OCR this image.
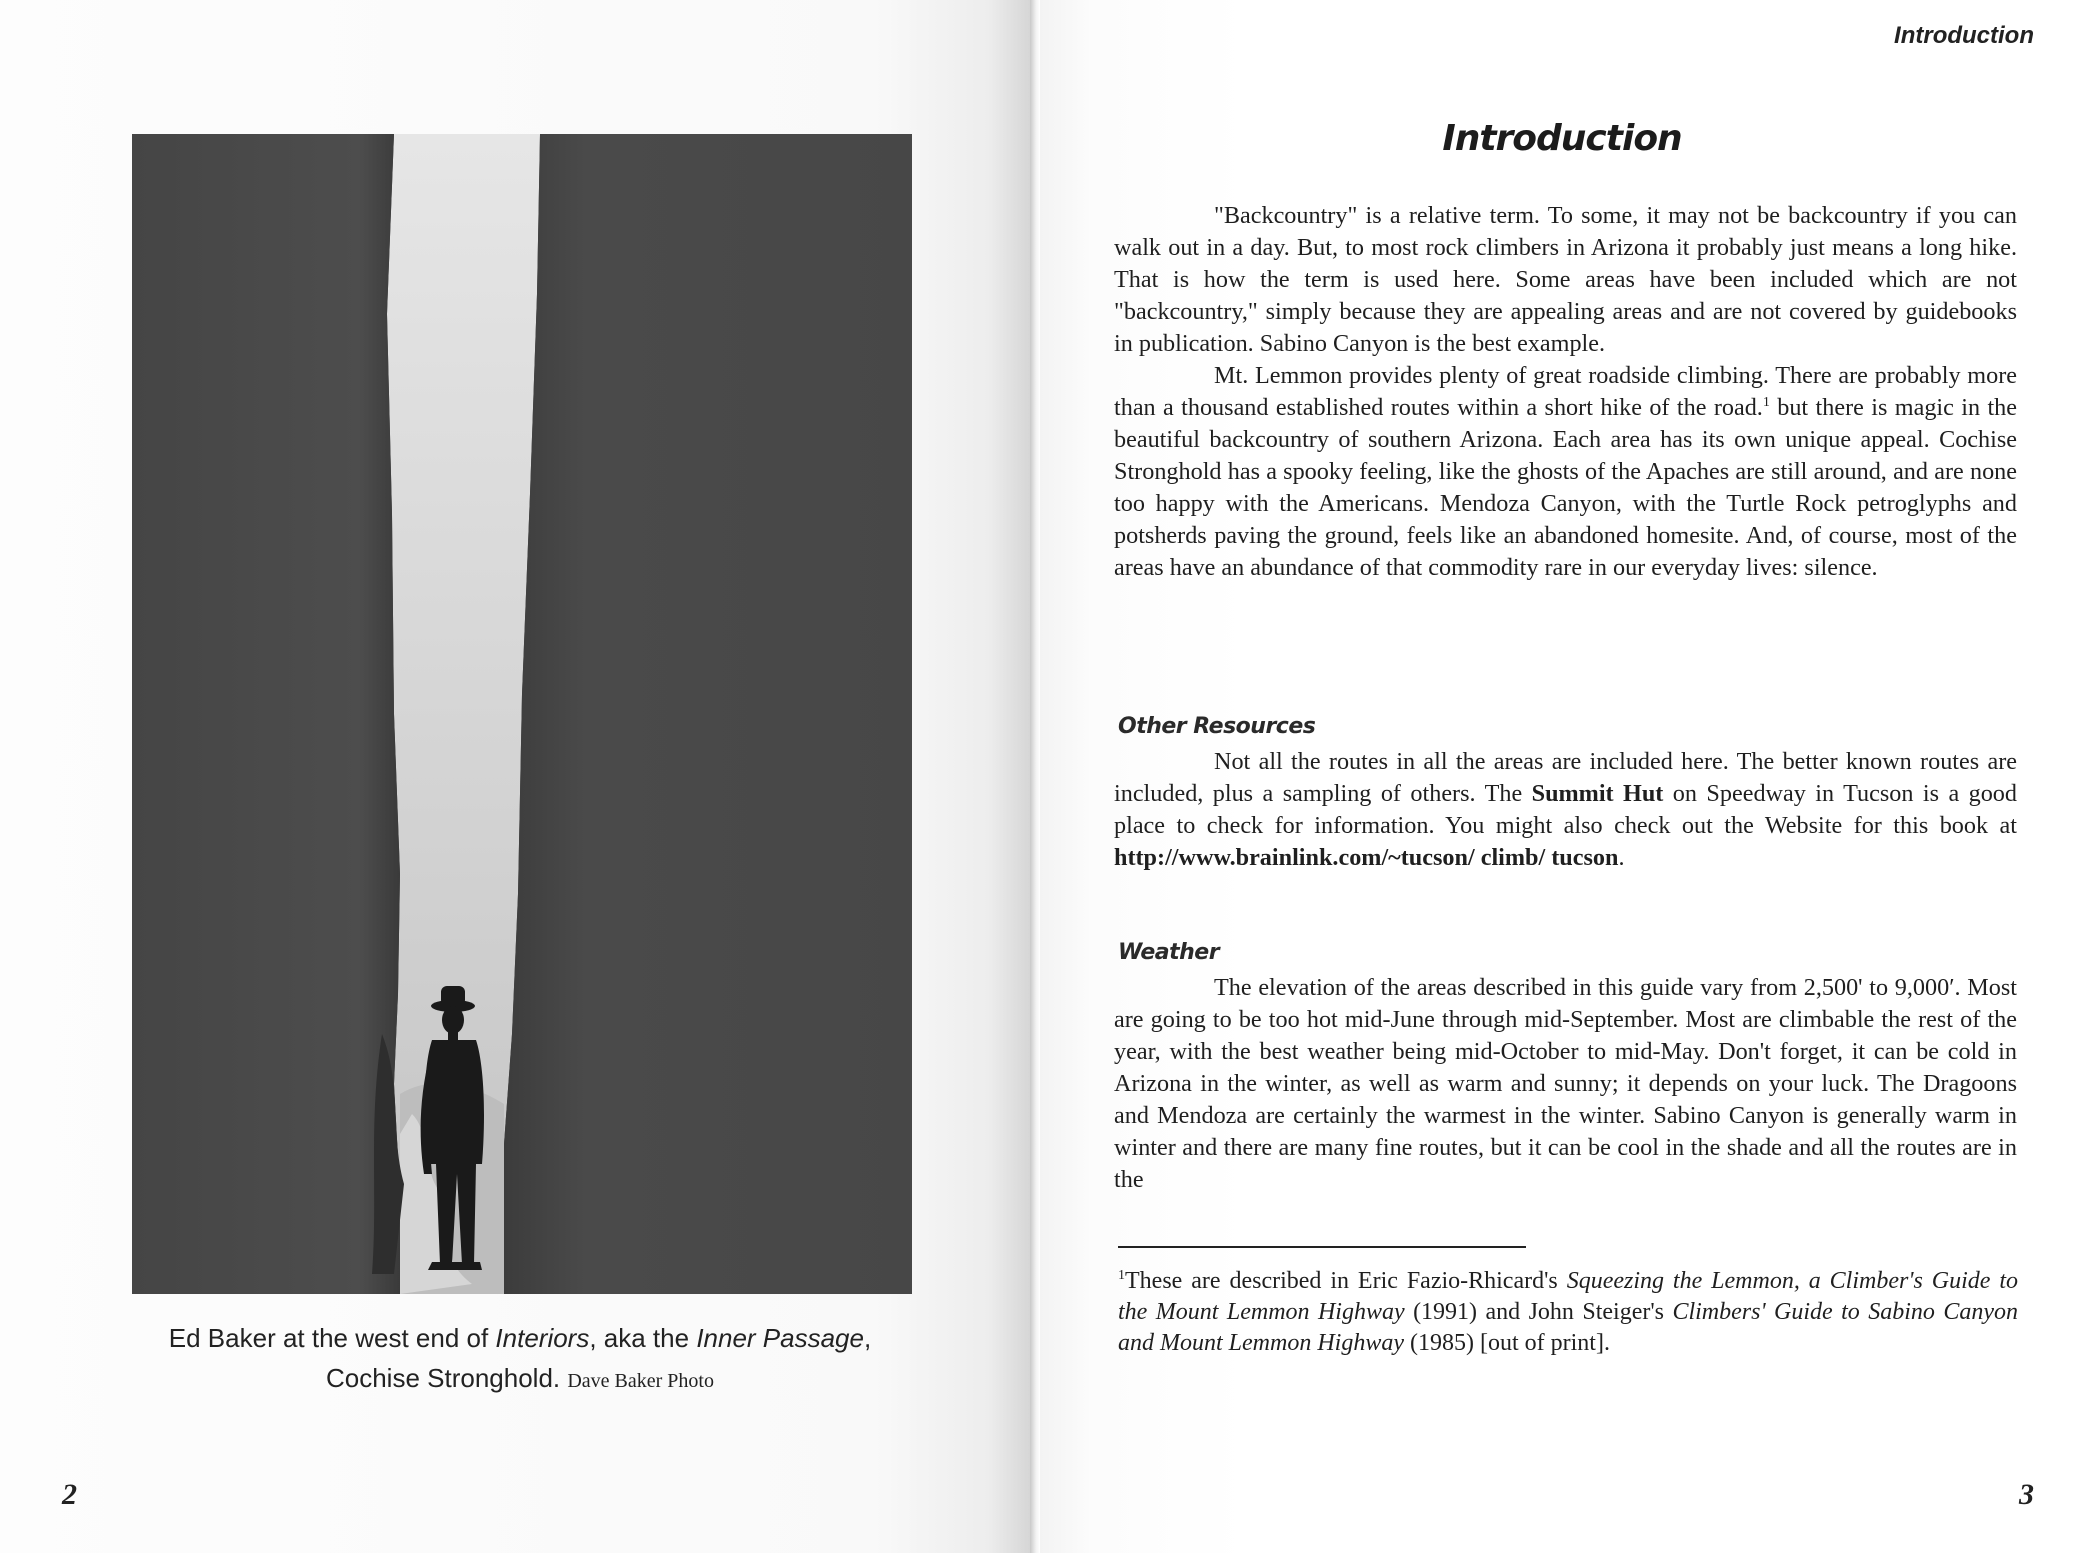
Ed Baker at the west end of Interiors, aka the Inner Passage,
Cochise Stronghold. Dave Baker Photo
2
Introduction
Introduction

"Backcountry" is a relative term. To some, it may not be backcountry if you can walk out in a day. But, to most rock climbers in Arizona it probably just means a long hike. That is how the term is used here. Some areas have been included which are not "backcountry," simply because they are appealing areas and are not covered by guidebooks in publication. Sabino Canyon is the best example.

Mt. Lemmon provides plenty of great roadside climbing. There are probably more than a thousand established routes within a short hike of the road.$^1$ but there is magic in the beautiful backcountry of southern Arizona. Each area has its own unique appeal. Cochise Stronghold has a spooky feeling, like the ghosts of the Apaches are still around, and are none too happy with the Americans. Mendoza Canyon, with the Turtle Rock petroglyphs and potsherds paving the ground, feels like an abandoned homesite. And, of course, most of the areas have an abundance of that commodity rare in our everyday lives: silence.

Other Resources

Not all the routes in all the areas are included here. The better known routes are included, plus a sampling of others. The Summit Hut on Speedway in Tucson is a good place to check for information. You might also check out the Website for this book at http://www.brainlink.com/~tucson/ climb/ tucson.

Weather

The elevation of the areas described in this guide vary from 2,500' to 9,000′. Most are going to be too hot mid-June through mid-September. Most are climbable the rest of the year, with the best weather being mid-October to mid-May. Don't forget, it can be cold in Arizona in the winter, as well as warm and sunny; it depends on your luck. The Dragoons and Mendoza are certainly the warmest in the winter. Sabino Canyon is generally warm in winter and there are many fine routes, but it can be cool in the shade and all the routes are in the

$^1$These are described in Eric Fazio-Rhicard's Squeezing the Lemmon, a Climber's Guide to the Mount Lemmon Highway (1991) and John Steiger's Climbers' Guide to Sabino Canyon and Mount Lemmon Highway (1985) [out of print].
3
